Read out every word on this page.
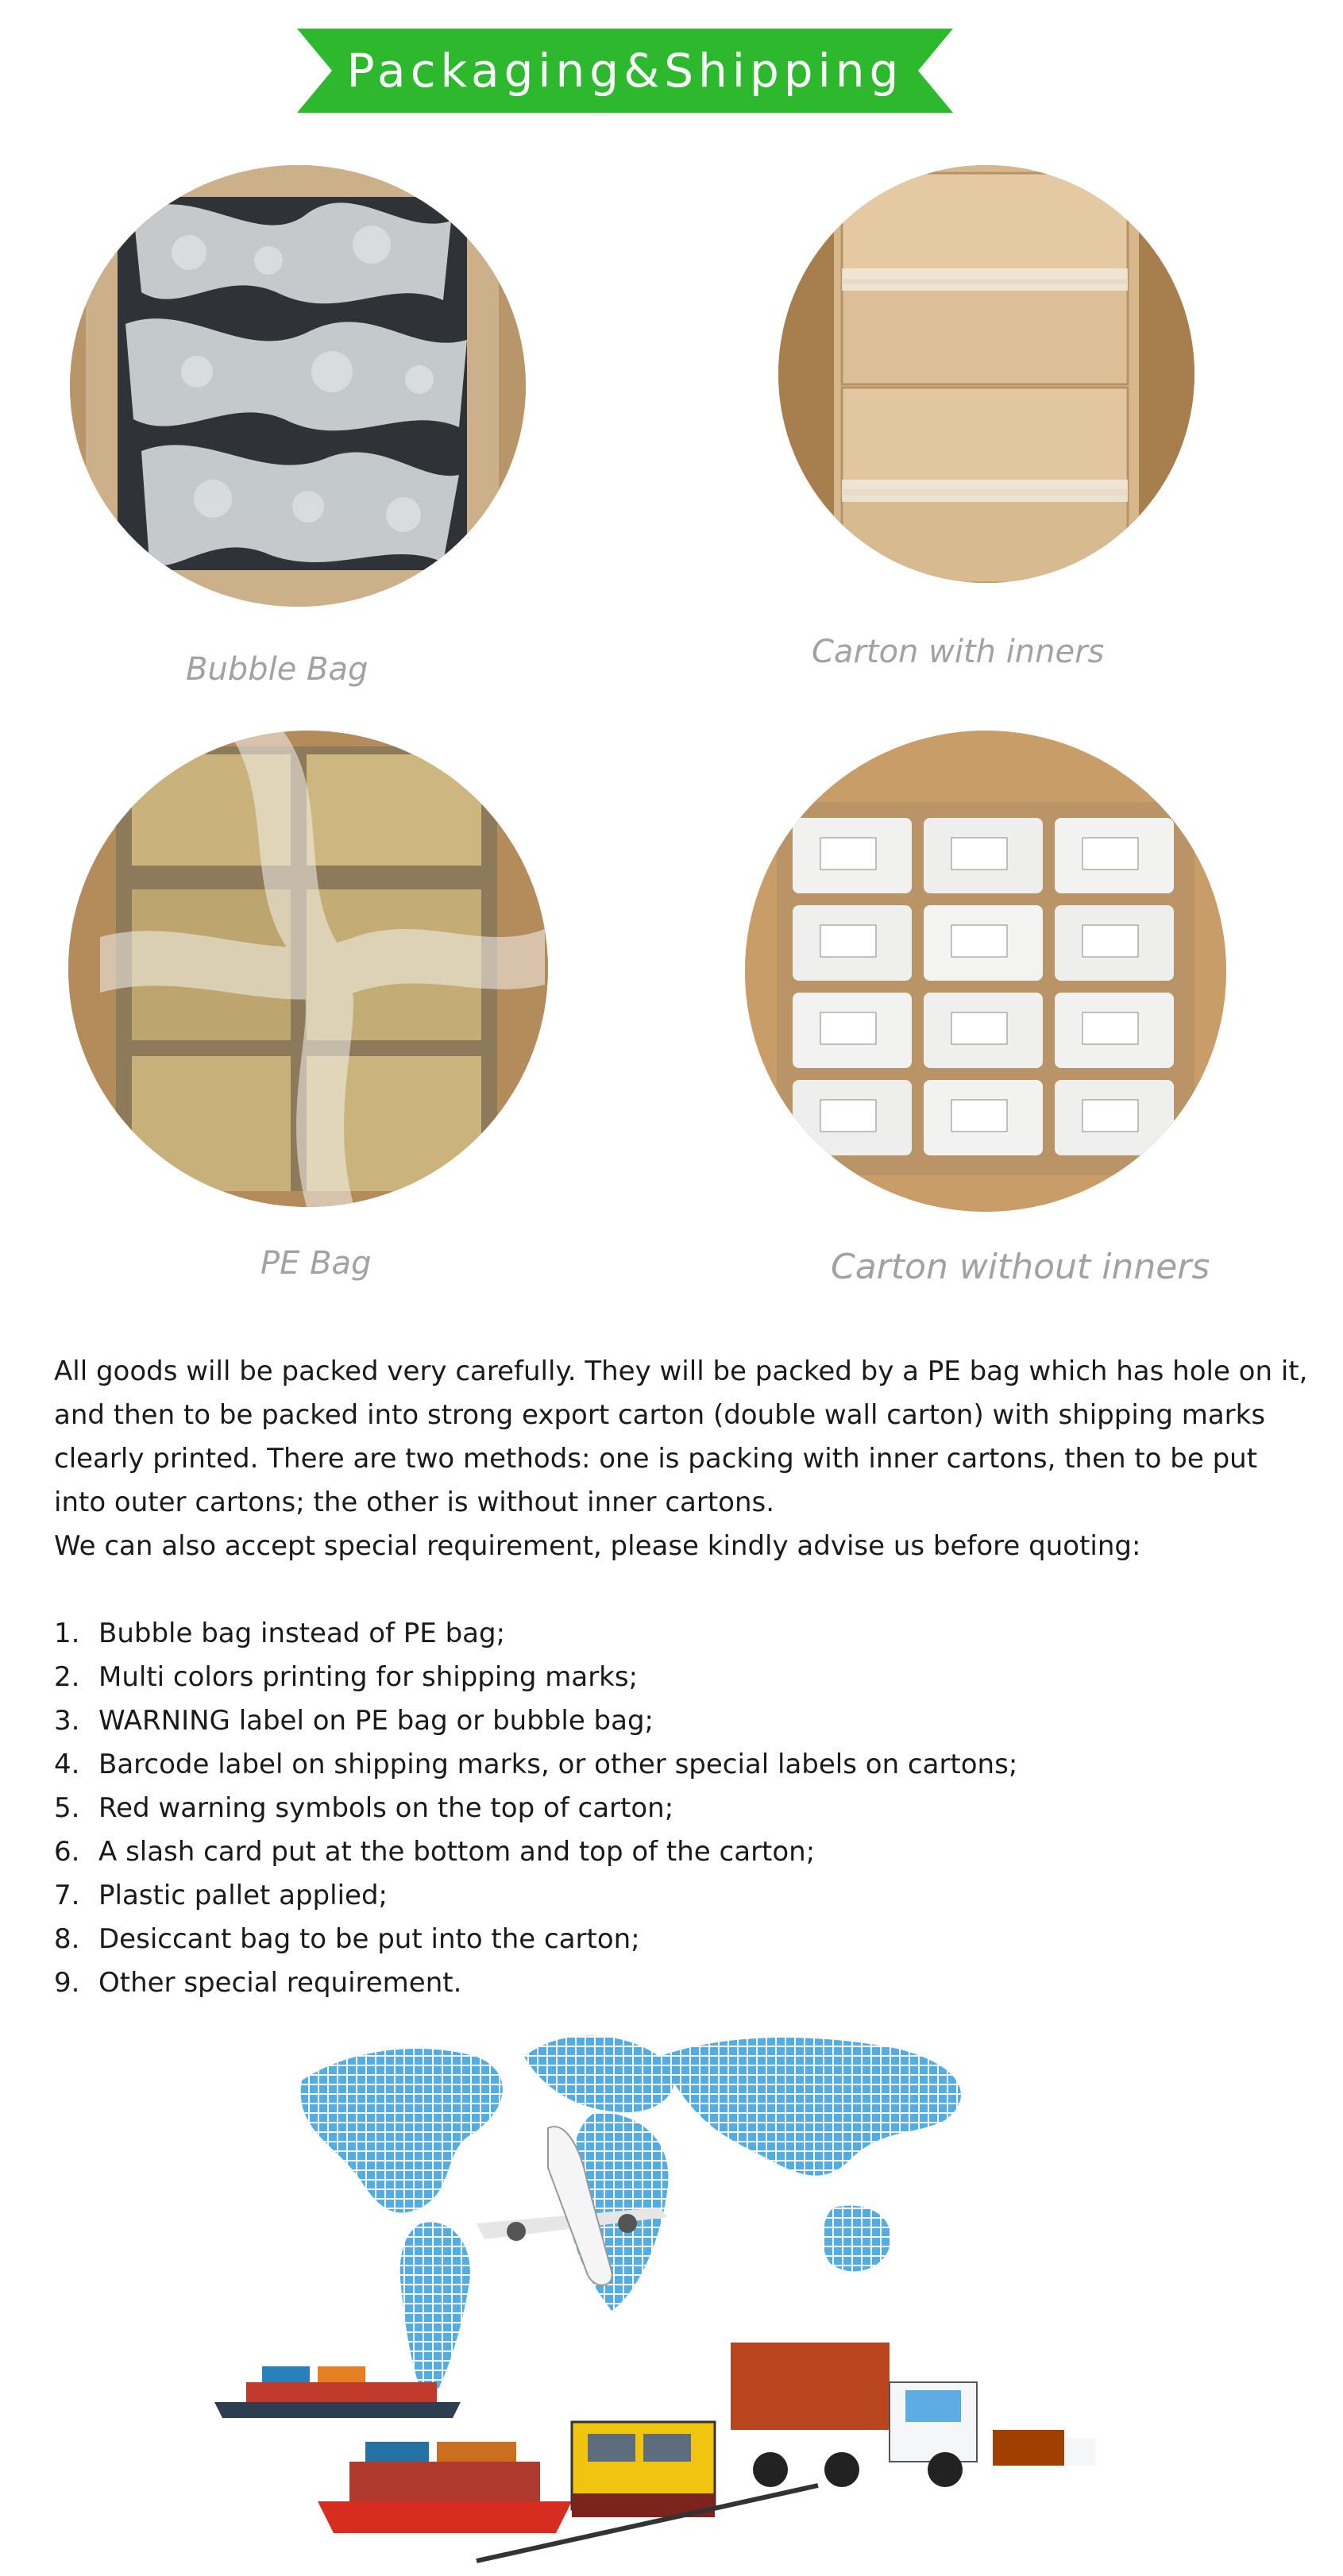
Packaging&Shipping
Bubble Bag	Carton with inners
PE Bag	Carton without inners

All goods will be packed very carefully. They will be packed by a PE bag which has hole on it, and then to be packed into strong export carton (double wall carton) with shipping marks clearly printed. There are two methods: one is packing with inner cartons, then to be put into outer cartons; the other is without inner cartons.

We can also accept special requirement, please kindly advise us before quoting:

1. Bubble bag instead of PE bag;
2. Multi colors printing for shipping marks;
3. WARNING label on PE bag or bubble bag;
4. Barcode label on shipping marks, or other special labels on cartons;
5. Red warning symbols on the top of carton;
6. A slash card put at the bottom and top of the carton;
7. Plastic pallet applied;
8. Desiccant bag to be put into the carton;
9. Other special requirement.
